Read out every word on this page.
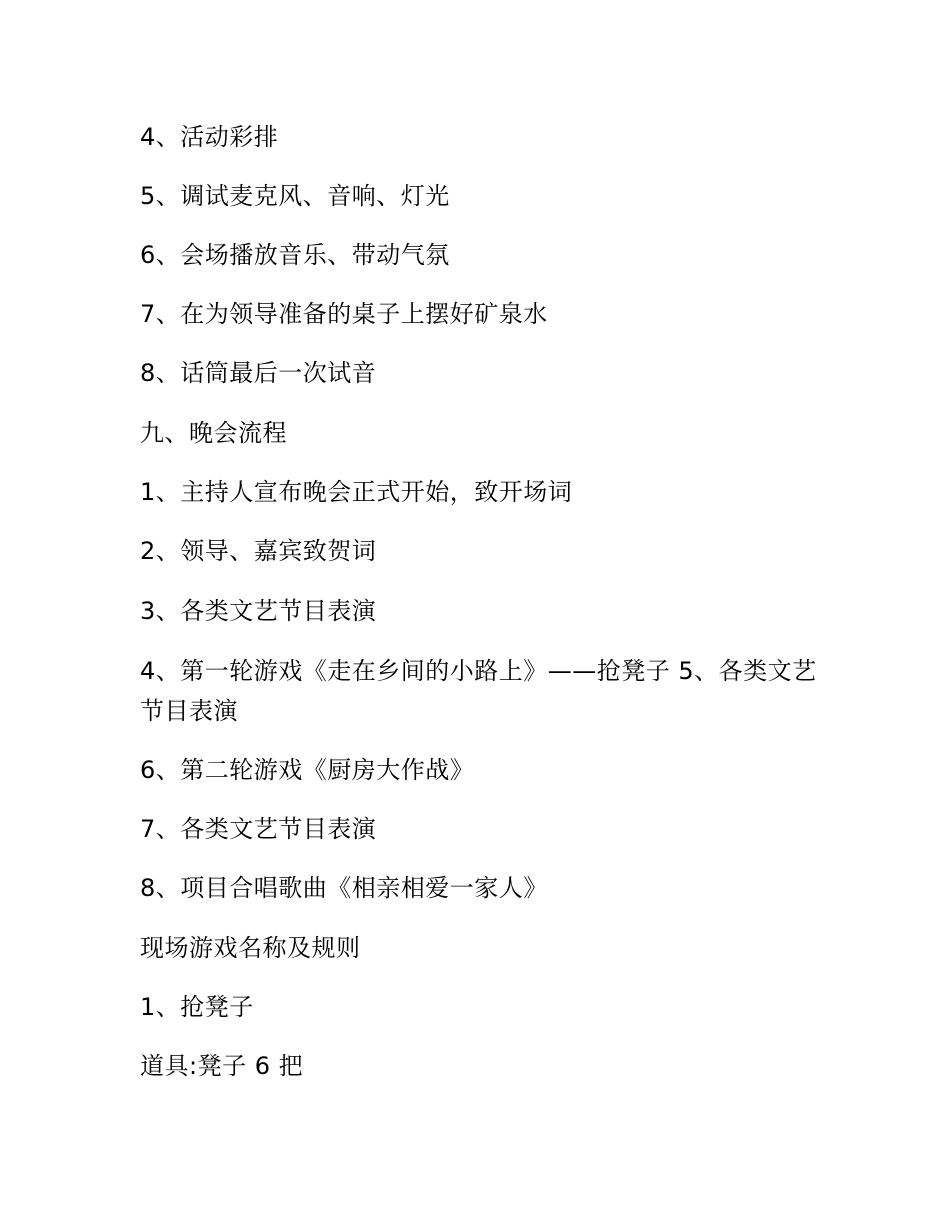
4、活动彩排
5、调试麦克风、音响、灯光
6、会场播放音乐、带动气氛
7、在为领导准备的桌子上摆好矿泉水
8、话筒最后一次试音
九、晚会流程
1、主持人宣布晚会正式开始，致开场词
2、领导、嘉宾致贺词
3、各类文艺节目表演
4、第一轮游戏《走在乡间的小路上》——抢凳子 5、各类文艺节目表演
6、第二轮游戏《厨房大作战》
7、各类文艺节目表演
8、项目合唱歌曲《相亲相爱一家人》
现场游戏名称及规则
1、抢凳子
道具:凳子 6 把
